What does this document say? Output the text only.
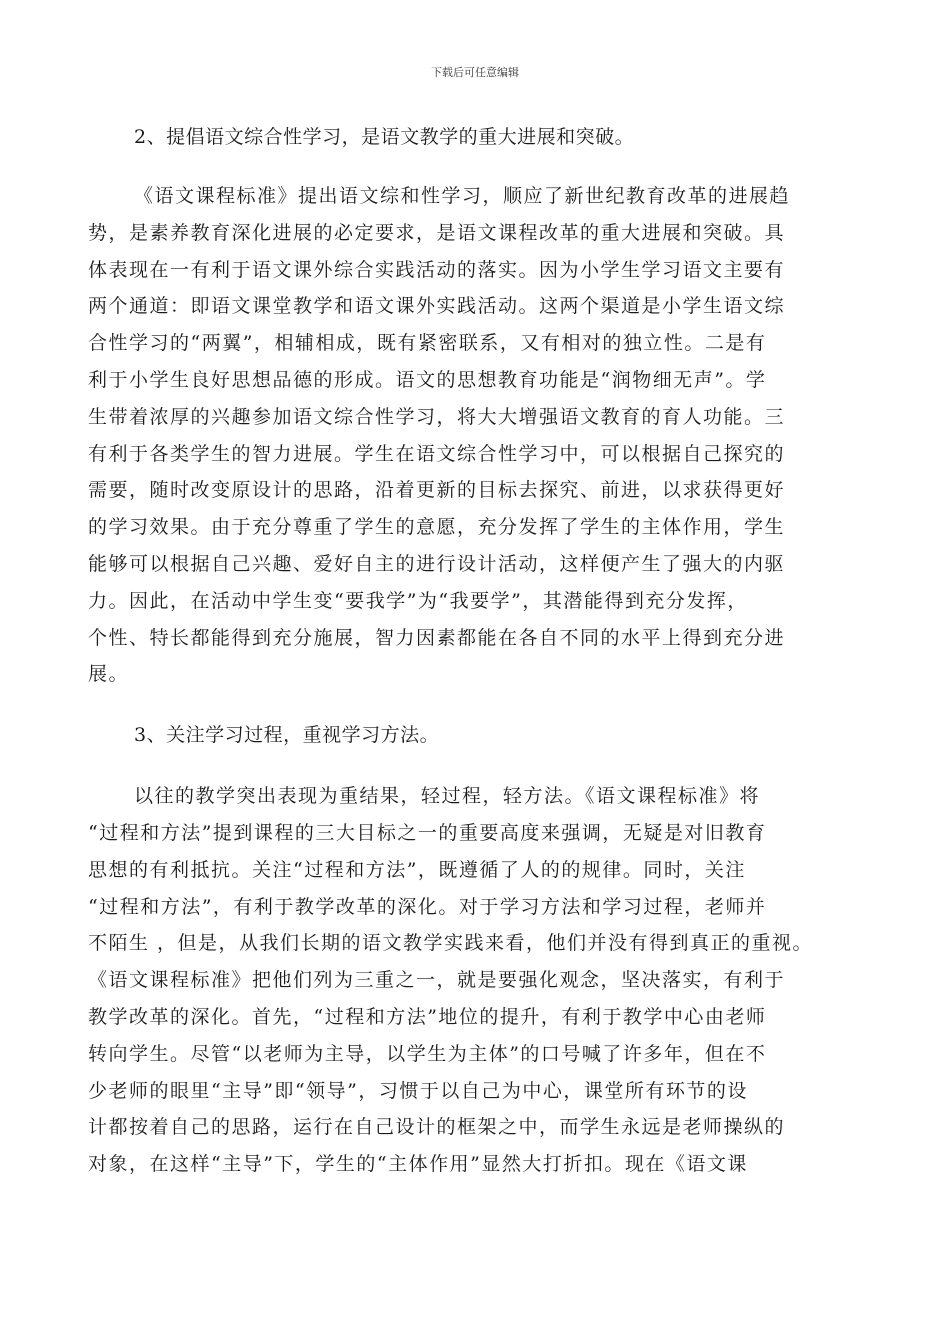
下载后可任意编辑
2、提倡语文综合性学习，是语文教学的重大进展和突破。

《语文课程标准》提出语文综和性学习，顺应了新世纪教育改革的进展趋
势，是素养教育深化进展的必定要求，是语文课程改革的重大进展和突破。具
体表现在一有利于语文课外综合实践活动的落实。因为小学生学习语文主要有
两个通道：即语文课堂教学和语文课外实践活动。这两个渠道是小学生语文综
合性学习的“两翼”，相辅相成，既有紧密联系，又有相对的独立性。二是有
利于小学生良好思想品德的形成。语文的思想教育功能是“润物细无声”。学
生带着浓厚的兴趣参加语文综合性学习，将大大增强语文教育的育人功能。三
有利于各类学生的智力进展。学生在语文综合性学习中，可以根据自己探究的
需要，随时改变原设计的思路，沿着更新的目标去探究、前进，以求获得更好
的学习效果。由于充分尊重了学生的意愿，充分发挥了学生的主体作用，学生
能够可以根据自己兴趣、爱好自主的进行设计活动，这样便产生了强大的内驱
力。因此，在活动中学生变“要我学”为“我要学”，其潜能得到充分发挥，
个性、特长都能得到充分施展，智力因素都能在各自不同的水平上得到充分进
展。

3、关注学习过程，重视学习方法。

以往的教学突出表现为重结果，轻过程，轻方法。《语文课程标准》将
“过程和方法”提到课程的三大目标之一的重要高度来强调，无疑是对旧教育
思想的有利抵抗。关注“过程和方法”，既遵循了人的的规律。同时，关注
“过程和方法”，有利于教学改革的深化。对于学习方法和学习过程，老师并
不陌生 ，但是，从我们长期的语文教学实践来看，他们并没有得到真正的重视。
《语文课程标准》把他们列为三重之一，就是要强化观念，坚决落实，有利于
教学改革的深化。首先，“过程和方法”地位的提升，有利于教学中心由老师
转向学生。尽管“以老师为主导，以学生为主体”的口号喊了许多年，但在不
少老师的眼里“主导”即“领导”，习惯于以自己为中心，课堂所有环节的设
计都按着自己的思路，运行在自己设计的框架之中，而学生永远是老师操纵的
对象，在这样“主导”下，学生的“主体作用”显然大打折扣。现在《语文课
